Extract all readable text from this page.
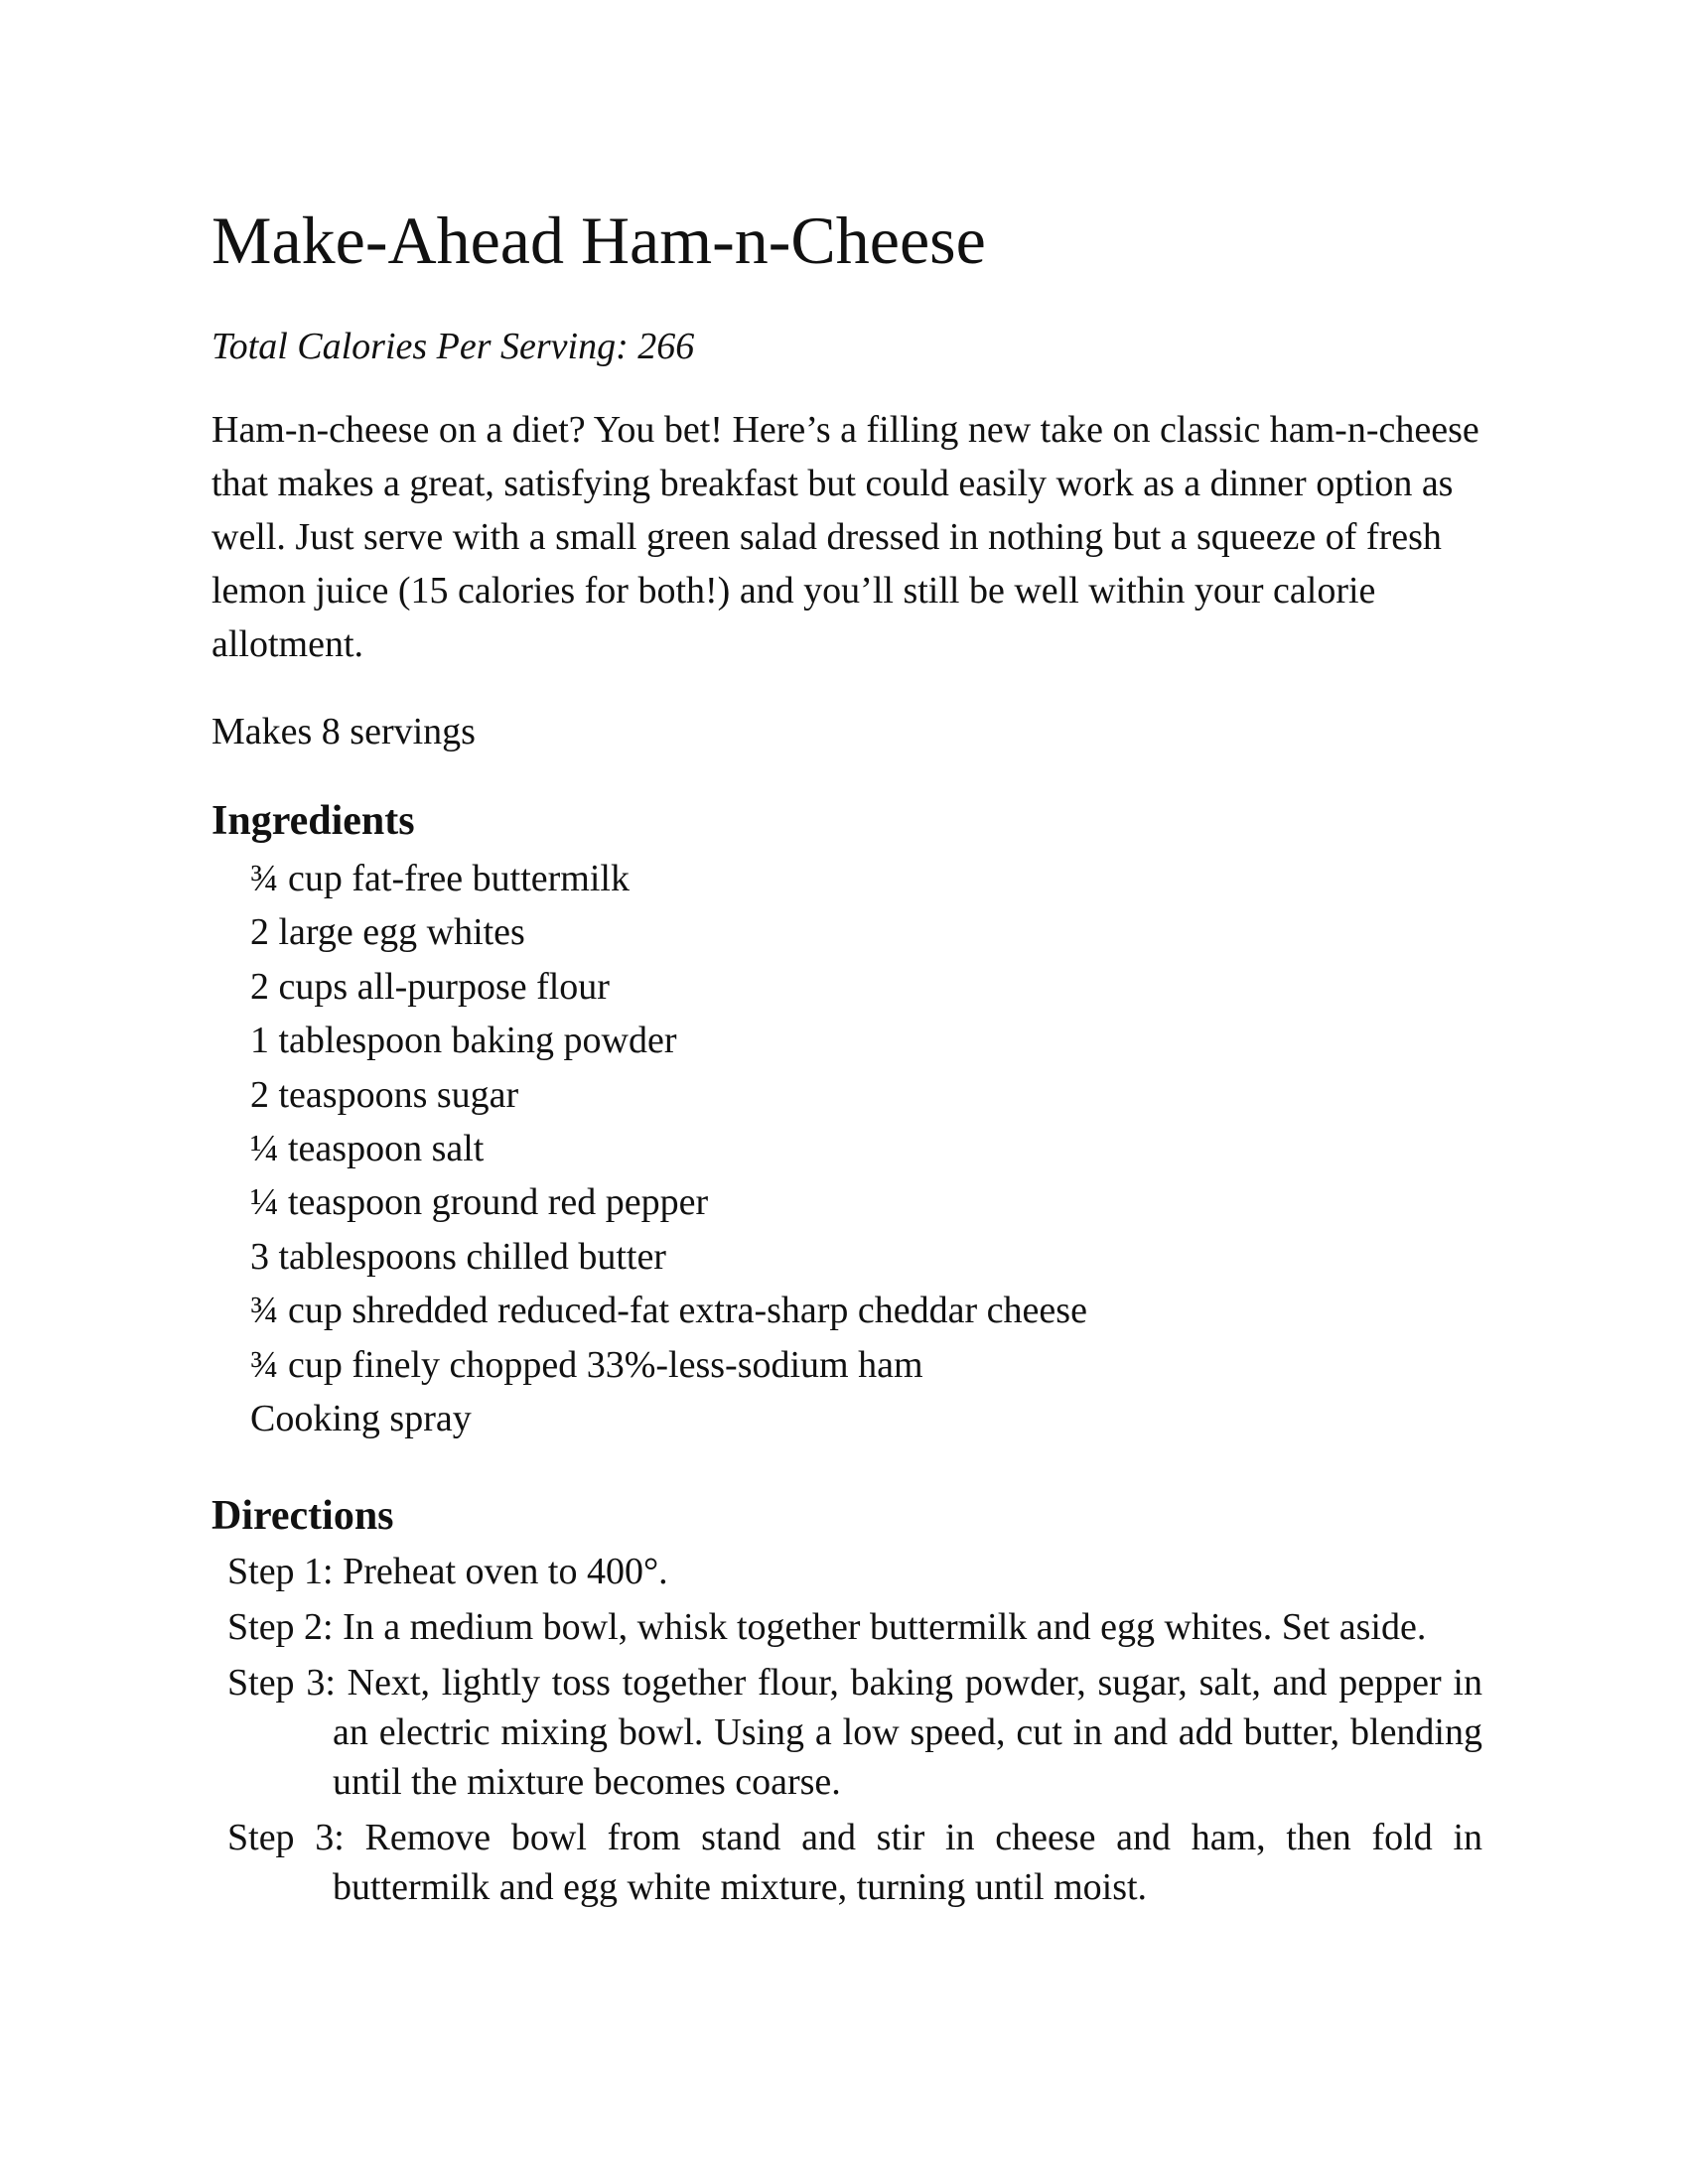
Make-Ahead Ham-n-Cheese
Total Calories Per Serving: 266

Ham-n-cheese on a diet? You bet! Here’s a filling new take on classic ham-n-cheese that makes a great, satisfying breakfast but could easily work as a dinner option as well. Just serve with a small green salad dressed in nothing but a squeeze of fresh lemon juice (15 calories for both!) and you’ll still be well within your calorie allotment.

Makes 8 servings
Ingredients
¾ cup fat-free buttermilk
2 large egg whites
2 cups all-purpose flour
1 tablespoon baking powder
2 teaspoons sugar
¼ teaspoon salt
¼ teaspoon ground red pepper
3 tablespoons chilled butter
¾ cup shredded reduced-fat extra-sharp cheddar cheese
¾ cup finely chopped 33%-less-sodium ham
Cooking spray
Directions
Step 1: Preheat oven to 400°.
Step 2: In a medium bowl, whisk together buttermilk and egg whites. Set aside.
Step 3: Next, lightly toss together flour, baking powder, sugar, salt, and pepper in an electric mixing bowl. Using a low speed, cut in and add butter, blending until the mixture becomes coarse.
Step 3: Remove bowl from stand and stir in cheese and ham, then fold in buttermilk and egg white mixture, turning until moist.
